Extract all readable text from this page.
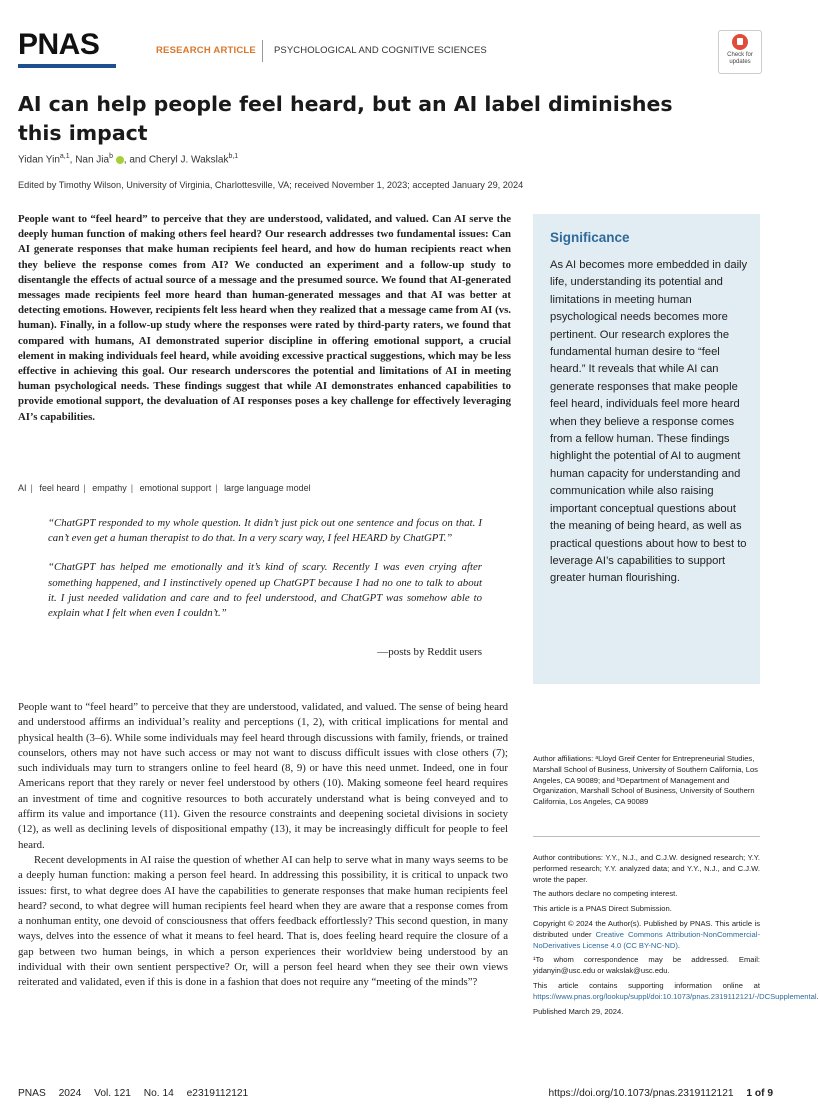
PNAS	RESEARCH ARTICLE PSYCHOLOGICAL AND COGNITIVE SCIENCES	Check for
updates
AI can help people feel heard, but an AI label diminishes this impact
Yidan Yin$^{a,1}$, Nan Jia$^b$ , and Cheryl J. Wakslak$^{b,1}$
Edited by Timothy Wilson, University of Virginia, Charlottesville, VA; received November 1, 2023; accepted January 29, 2024
People want to “feel heard” to perceive that they are understood, validated, and valued. Can AI serve the deeply human function of making others feel heard? Our research addresses two fundamental issues: Can AI generate responses that make human recipients feel heard, and how do human recipients react when they believe the response comes from AI? We conducted an experiment and a follow-up study to disentangle the effects of actual source of a message and the presumed source. We found that AI-generated messages made recipients feel more heard than human-generated messages and that AI was better at detecting emotions. However, recipients felt less heard when they realized that a message came from AI (vs. human). Finally, in a follow-up study where the responses were rated by third-party raters, we found that compared with humans, AI demonstrated superior discipline in offering emotional support, a crucial element in making individuals feel heard, while avoiding excessive practical suggestions, which may be less effective in achieving this goal. Our research underscores the potential and limitations of AI in meeting human psychological needs. These findings suggest that while AI demonstrates enhanced capabilities to provide emotional support, the devaluation of AI responses poses a key challenge for effectively leveraging AI’s capabilities.
AI | feel heard | empathy | emotional support | large language model

“ChatGPT responded to my whole question. It didn’t just pick out one sentence and focus on that. I can’t even get a human therapist to do that. In a very scary way, I feel HEARD by ChatGPT.”

“ChatGPT has helped me emotionally and it’s kind of scary. Recently I was even crying after something happened, and I instinctively opened up ChatGPT because I had no one to talk to about it. I just needed validation and care and to feel understood, and ChatGPT was somehow able to explain what I felt when even I couldn’t.”

—posts by Reddit users
Significance
As AI becomes more embedded in daily life, understanding its potential and limitations in meeting human psychological needs becomes more pertinent. Our research explores the fundamental human desire to “feel heard.” It reveals that while AI can generate responses that make people feel heard, individuals feel more heard when they believe a response comes from a fellow human. These findings highlight the potential of AI to augment human capacity for understanding and communication while also raising important conceptual questions about the meaning of being heard, as well as practical questions about how to best to leverage AI’s capabilities to support greater human flourishing.

People want to “feel heard” to perceive that they are understood, validated, and valued. The sense of being heard and understood affirms an individual’s reality and perceptions (1, 2), with critical implications for mental and physical health (3–6). While some individuals may feel heard through discussions with family, friends, or trained counselors, others may not have such access or may not want to discuss difficult issues with close others (7); such individuals may turn to strangers online to feel heard (8, 9) or have this need unmet. Indeed, one in four Americans report that they rarely or never feel understood by others (10). Making someone feel heard requires an investment of time and cognitive resources to both accurately understand what is being conveyed and to affirm its value and importance (11). Given the resource constraints and deepening societal divisions in society (12), as well as declining levels of dispositional empathy (13), it may be increasingly difficult for people to feel heard.

Recent developments in AI raise the question of whether AI can help to serve what in many ways seems to be a deeply human function: making a person feel heard. In addressing this possibility, it is critical to unpack two issues: first, to what degree does AI have the capabilities to generate responses that make human recipients feel heard? second, to what degree will human recipients feel heard when they are aware that a response comes from a nonhuman entity, one devoid of consciousness that offers feedback effortlessly? This second question, in many ways, delves into the essence of what it means to feel heard. That is, does feeling heard require the closure of a gap between two human beings, in which a person experiences their worldview being understood by an individual with their own sentient perspective? Or, will a person feel heard when they see their own views reiterated and validated, even if this is done in a fashion that does not require any “meeting of the minds”?

Author affiliations: ᵃLloyd Greif Center for Entrepreneurial Studies, Marshall School of Business, University of Southern California, Los Angeles, CA 90089; and ᵇDepartment of Management and Organization, Marshall School of Business, University of Southern California, Los Angeles, CA 90089

Author contributions: Y.Y., N.J., and C.J.W. designed research; Y.Y. performed research; Y.Y. analyzed data; and Y.Y., N.J., and C.J.W. wrote the paper.

The authors declare no competing interest.

This article is a PNAS Direct Submission.

Copyright © 2024 the Author(s). Published by PNAS. This article is distributed under Creative Commons Attribution-NonCommercial-NoDerivatives License 4.0 (CC BY-NC-ND).

¹To whom correspondence may be addressed. Email: yidanyin@usc.edu or wakslak@usc.edu.

This article contains supporting information online at https://www.pnas.org/lookup/suppl/doi:10.1073/pnas.2319112121/-/DCSupplemental.

Published March 29, 2024.

PNAS 2024 Vol. 121 No. 14 e2319112121	https://doi.org/10.1073/pnas.2319112121 1 of 9
